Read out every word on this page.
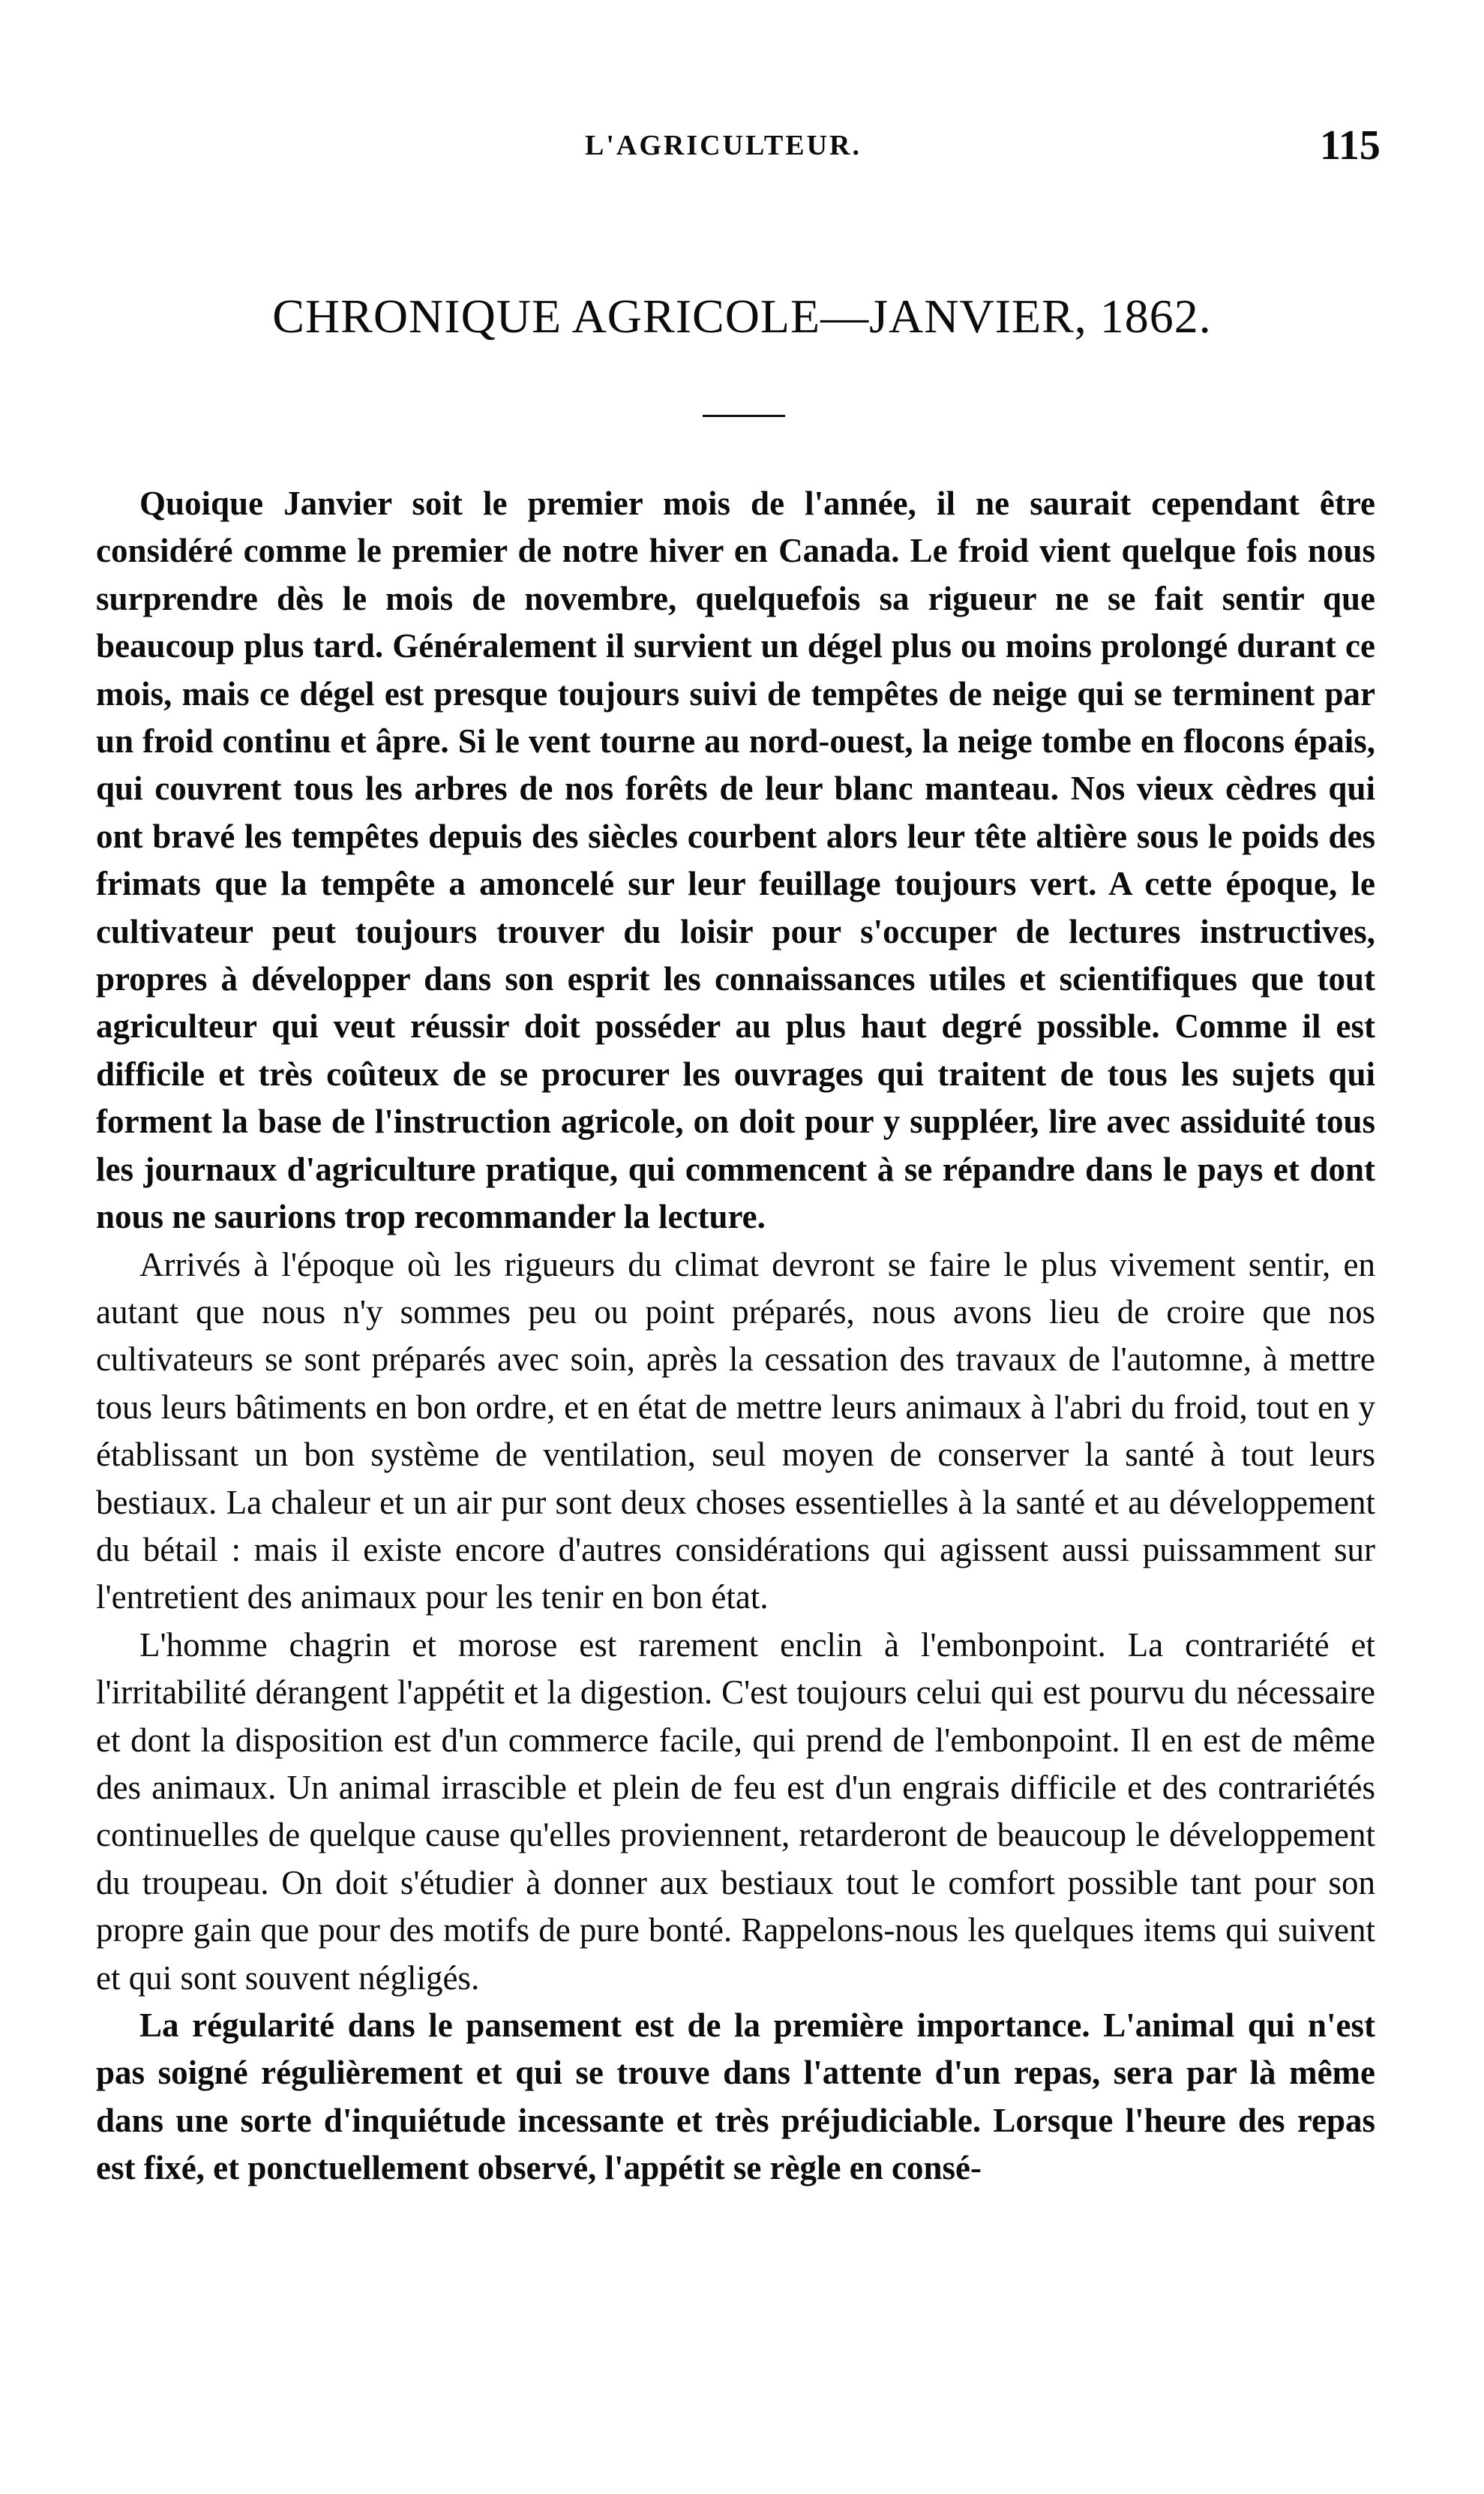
L'AGRICULTEUR.	115
CHRONIQUE AGRICOLE—JANVIER, 1862.

Quoique Janvier soit le premier mois de l'année, il ne saurait cependant être considéré comme le premier de notre hiver en Canada. Le froid vient quelque fois nous surprendre dès le mois de novembre, quelquefois sa rigueur ne se fait sentir que beaucoup plus tard. Généralement il survient un dégel plus ou moins prolongé durant ce mois, mais ce dégel est presque toujours suivi de tempêtes de neige qui se terminent par un froid continu et âpre. Si le vent tourne au nord-ouest, la neige tombe en flocons épais, qui couvrent tous les arbres de nos forêts de leur blanc manteau. Nos vieux cèdres qui ont bravé les tempêtes depuis des siècles courbent alors leur tête altière sous le poids des frimats que la tempête a amoncelé sur leur feuillage toujours vert. A cette époque, le cultivateur peut toujours trouver du loisir pour s'occuper de lectures instructives, propres à développer dans son esprit les connaissances utiles et scientifiques que tout agriculteur qui veut réussir doit posséder au plus haut degré possible. Comme il est difficile et très coûteux de se procurer les ouvrages qui traitent de tous les sujets qui forment la base de l'instruction agricole, on doit pour y suppléer, lire avec assiduité tous les journaux d'agriculture pratique, qui commencent à se répandre dans le pays et dont nous ne saurions trop recommander la lecture.

Arrivés à l'époque où les rigueurs du climat devront se faire le plus vivement sentir, en autant que nous n'y sommes peu ou point préparés, nous avons lieu de croire que nos cultivateurs se sont préparés avec soin, après la cessation des travaux de l'automne, à mettre tous leurs bâtiments en bon ordre, et en état de mettre leurs animaux à l'abri du froid, tout en y établissant un bon système de ventilation, seul moyen de conserver la santé à tout leurs bestiaux. La chaleur et un air pur sont deux choses essentielles à la santé et au développement du bétail : mais il existe encore d'autres considérations qui agissent aussi puissamment sur l'entretient des animaux pour les tenir en bon état.

L'homme chagrin et morose est rarement enclin à l'embonpoint. La contrariété et l'irritabilité dérangent l'appétit et la digestion. C'est toujours celui qui est pourvu du nécessaire et dont la disposition est d'un commerce facile, qui prend de l'embonpoint. Il en est de même des animaux. Un animal irrascible et plein de feu est d'un engrais difficile et des contrariétés continuelles de quelque cause qu'elles proviennent, retarderont de beaucoup le développement du troupeau. On doit s'étudier à donner aux bestiaux tout le comfort possible tant pour son propre gain que pour des motifs de pure bonté. Rappelons-nous les quelques items qui suivent et qui sont souvent négligés.

La régularité dans le pansement est de la première importance. L'animal qui n'est pas soigné régulièrement et qui se trouve dans l'attente d'un repas, sera par là même dans une sorte d'inquiétude incessante et très préjudiciable. Lorsque l'heure des repas est fixé, et ponctuellement observé, l'appétit se règle en consé-
